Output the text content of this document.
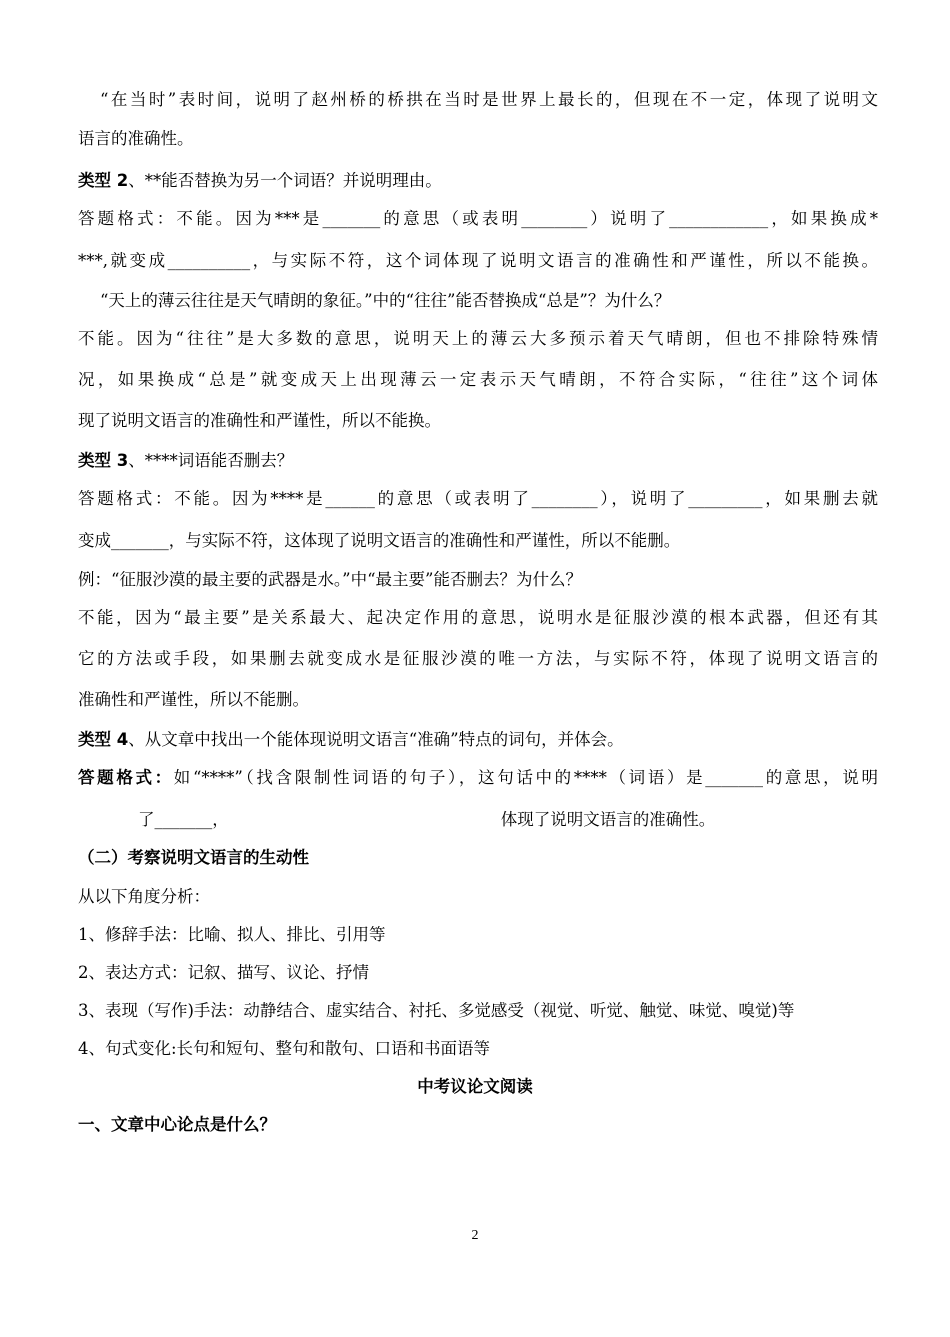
“在当时”表时间，说明了赵州桥的桥拱在当时是世界上最长的，但现在不一定，体现了说明文
语言的准确性。
类型 2、**能否替换为另一个词语？并说明理由。
答题格式：不能。因为***是_______的意思（或表明________）说明了____________，如果换成*
***,就变成__________，与实际不符，这个词体现了说明文语言的准确性和严谨性，所以不能换。
“天上的薄云往往是天气晴朗的象征。”中的“往往”能否替换成“总是”？为什么？
不能。因为“往往”是大多数的意思，说明天上的薄云大多预示着天气晴朗，但也不排除特殊情
况，如果换成“总是”就变成天上出现薄云一定表示天气晴朗，不符合实际，“往往”这个词体
现了说明文语言的准确性和严谨性，所以不能换。
类型 3、****词语能否删去？
答题格式：不能。因为****是______的意思（或表明了________），说明了_________，如果删去就
变成_______，与实际不符，这体现了说明文语言的准确性和严谨性，所以不能删。
例：“征服沙漠的最主要的武器是水。”中“最主要”能否删去？为什么？
不能，因为“最主要”是关系最大、起决定作用的意思，说明水是征服沙漠的根本武器，但还有其
它的方法或手段，如果删去就变成水是征服沙漠的唯一方法，与实际不符，体现了说明文语言的
准确性和严谨性，所以不能删。
类型 4、从文章中找出一个能体现说明文语言“准确”特点的词句，并体会。
答题格式：如“****”（找含限制性词语的句子），这句话中的****（词语）是_______的意思，说明
了_______，	体现了说明文语言的准确性。
（二）考察说明文语言的生动性
从以下角度分析：
1、修辞手法：比喻、拟人、排比、引用等
2、表达方式：记叙、描写、议论、抒情
3、表现（写作)手法：动静结合、虚实结合、衬托、多觉感受（视觉、听觉、触觉、味觉、嗅觉)等
4、句式变化:长句和短句、整句和散句、口语和书面语等
中考议论文阅读
一、文章中心论点是什么？
2
